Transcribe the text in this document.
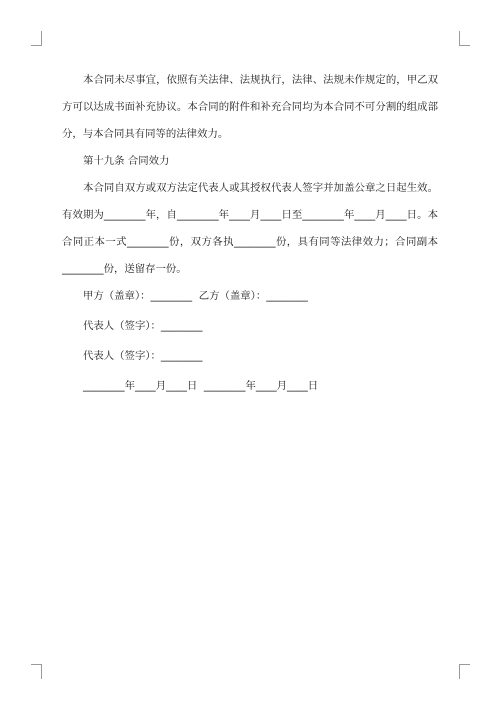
本合同未尽事宜，依照有关法律、法规执行，法律、法规未作规定的，甲乙双方可以达成书面补充协议。本合同的附件和补充合同均为本合同不可分割的组成部分，与本合同具有同等的法律效力。

第十九条 合同效力

本合同自双方或双方法定代表人或其授权代表人签字并加盖公章之日起生效。有效期为________年，自________年____月____日至________年____月____日。本合同正本一式________份，双方各执________份，具有同等法律效力；合同副本________份，送留存一份。

甲方（盖章）：________  乙方（盖章）：________

代表人（签字）：________

代表人（签字）：________

________年____月____日  ________年____月____日
